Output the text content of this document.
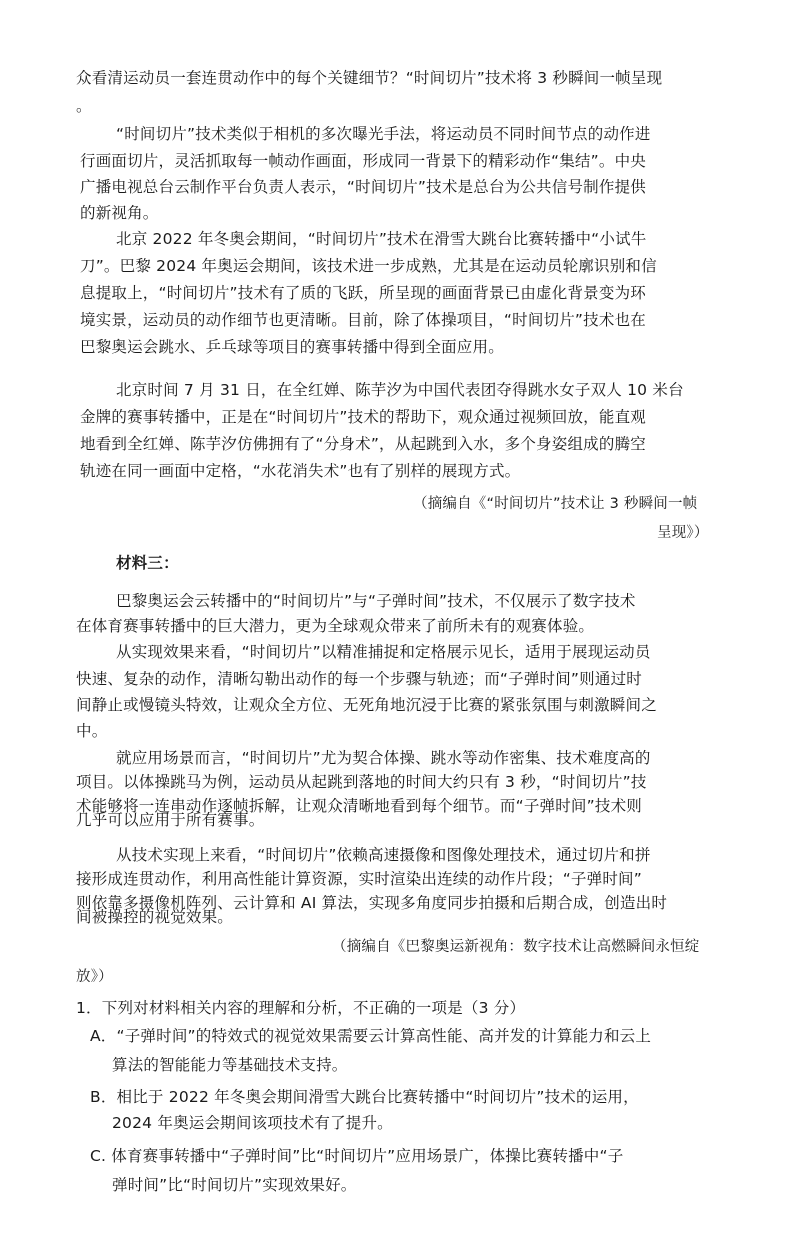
众看清运动员一套连贯动作中的每个关键细节？“时间切片”技术将 3 秒瞬间一帧呈现

。

“时间切片”技术类似于相机的多次曝光手法，将运动员不同时间节点的动作进

行画面切片，灵活抓取每一帧动作画面，形成同一背景下的精彩动作“集结”。中央

广播电视总台云制作平台负责人表示，“时间切片”技术是总台为公共信号制作提供

的新视角。

北京 2022 年冬奥会期间，“时间切片”技术在滑雪大跳台比赛转播中“小试牛

刀”。巴黎 2024 年奥运会期间，该技术进一步成熟，尤其是在运动员轮廓识别和信

息提取上，“时间切片”技术有了质的飞跃，所呈现的画面背景已由虚化背景变为环

境实景，运动员的动作细节也更清晰。目前，除了体操项目，“时间切片”技术也在

巴黎奥运会跳水、乒乓球等项目的赛事转播中得到全面应用。

北京时间 7 月 31 日，在全红婵、陈芋汐为中国代表团夺得跳水女子双人 10 米台

金牌的赛事转播中，正是在“时间切片”技术的帮助下，观众通过视频回放，能直观

地看到全红婵、陈芋汐仿佛拥有了“分身术”，从起跳到入水，多个身姿组成的腾空

轨迹在同一画面中定格，“水花消失术”也有了别样的展现方式。

（摘编自《“时间切片”技术让 3 秒瞬间一帧

呈现》）

材料三：

巴黎奥运会云转播中的“时间切片”与“子弹时间”技术，不仅展示了数字技术

在体育赛事转播中的巨大潜力，更为全球观众带来了前所未有的观赛体验。

从实现效果来看，“时间切片”以精准捕捉和定格展示见长，适用于展现运动员

快速、复杂的动作，清晰勾勒出动作的每一个步骤与轨迹；而“子弹时间”则通过时

间静止或慢镜头特效，让观众全方位、无死角地沉浸于比赛的紧张氛围与刺激瞬间之

中。

就应用场景而言，“时间切片”尤为契合体操、跳水等动作密集、技术难度高的

项目。以体操跳马为例，运动员从起跳到落地的时间大约只有 3 秒，“时间切片”技

术能够将一连串动作逐帧拆解，让观众清晰地看到每个细节。而“子弹时间”技术则

几乎可以应用于所有赛事。

从技术实现上来看，“时间切片”依赖高速摄像和图像处理技术，通过切片和拼

接形成连贯动作，利用高性能计算资源，实时渲染出连续的动作片段；“子弹时间”

则依靠多摄像机阵列、云计算和 AI 算法，实现多角度同步拍摄和后期合成，创造出时

间被操控的视觉效果。

（摘编自《巴黎奥运新视角：数字技术让高燃瞬间永恒绽

放》）

1．下列对材料相关内容的理解和分析，不正确的一项是（3 分）

A．“子弹时间”的特效式的视觉效果需要云计算高性能、高并发的计算能力和云上

算法的智能能力等基础技术支持。

B．相比于 2022 年冬奥会期间滑雪大跳台比赛转播中“时间切片”技术的运用，

2024 年奥运会期间该项技术有了提升。

C. 体育赛事转播中“子弹时间”比“时间切片”应用场景广，体操比赛转播中“子

弹时间”比“时间切片”实现效果好。
